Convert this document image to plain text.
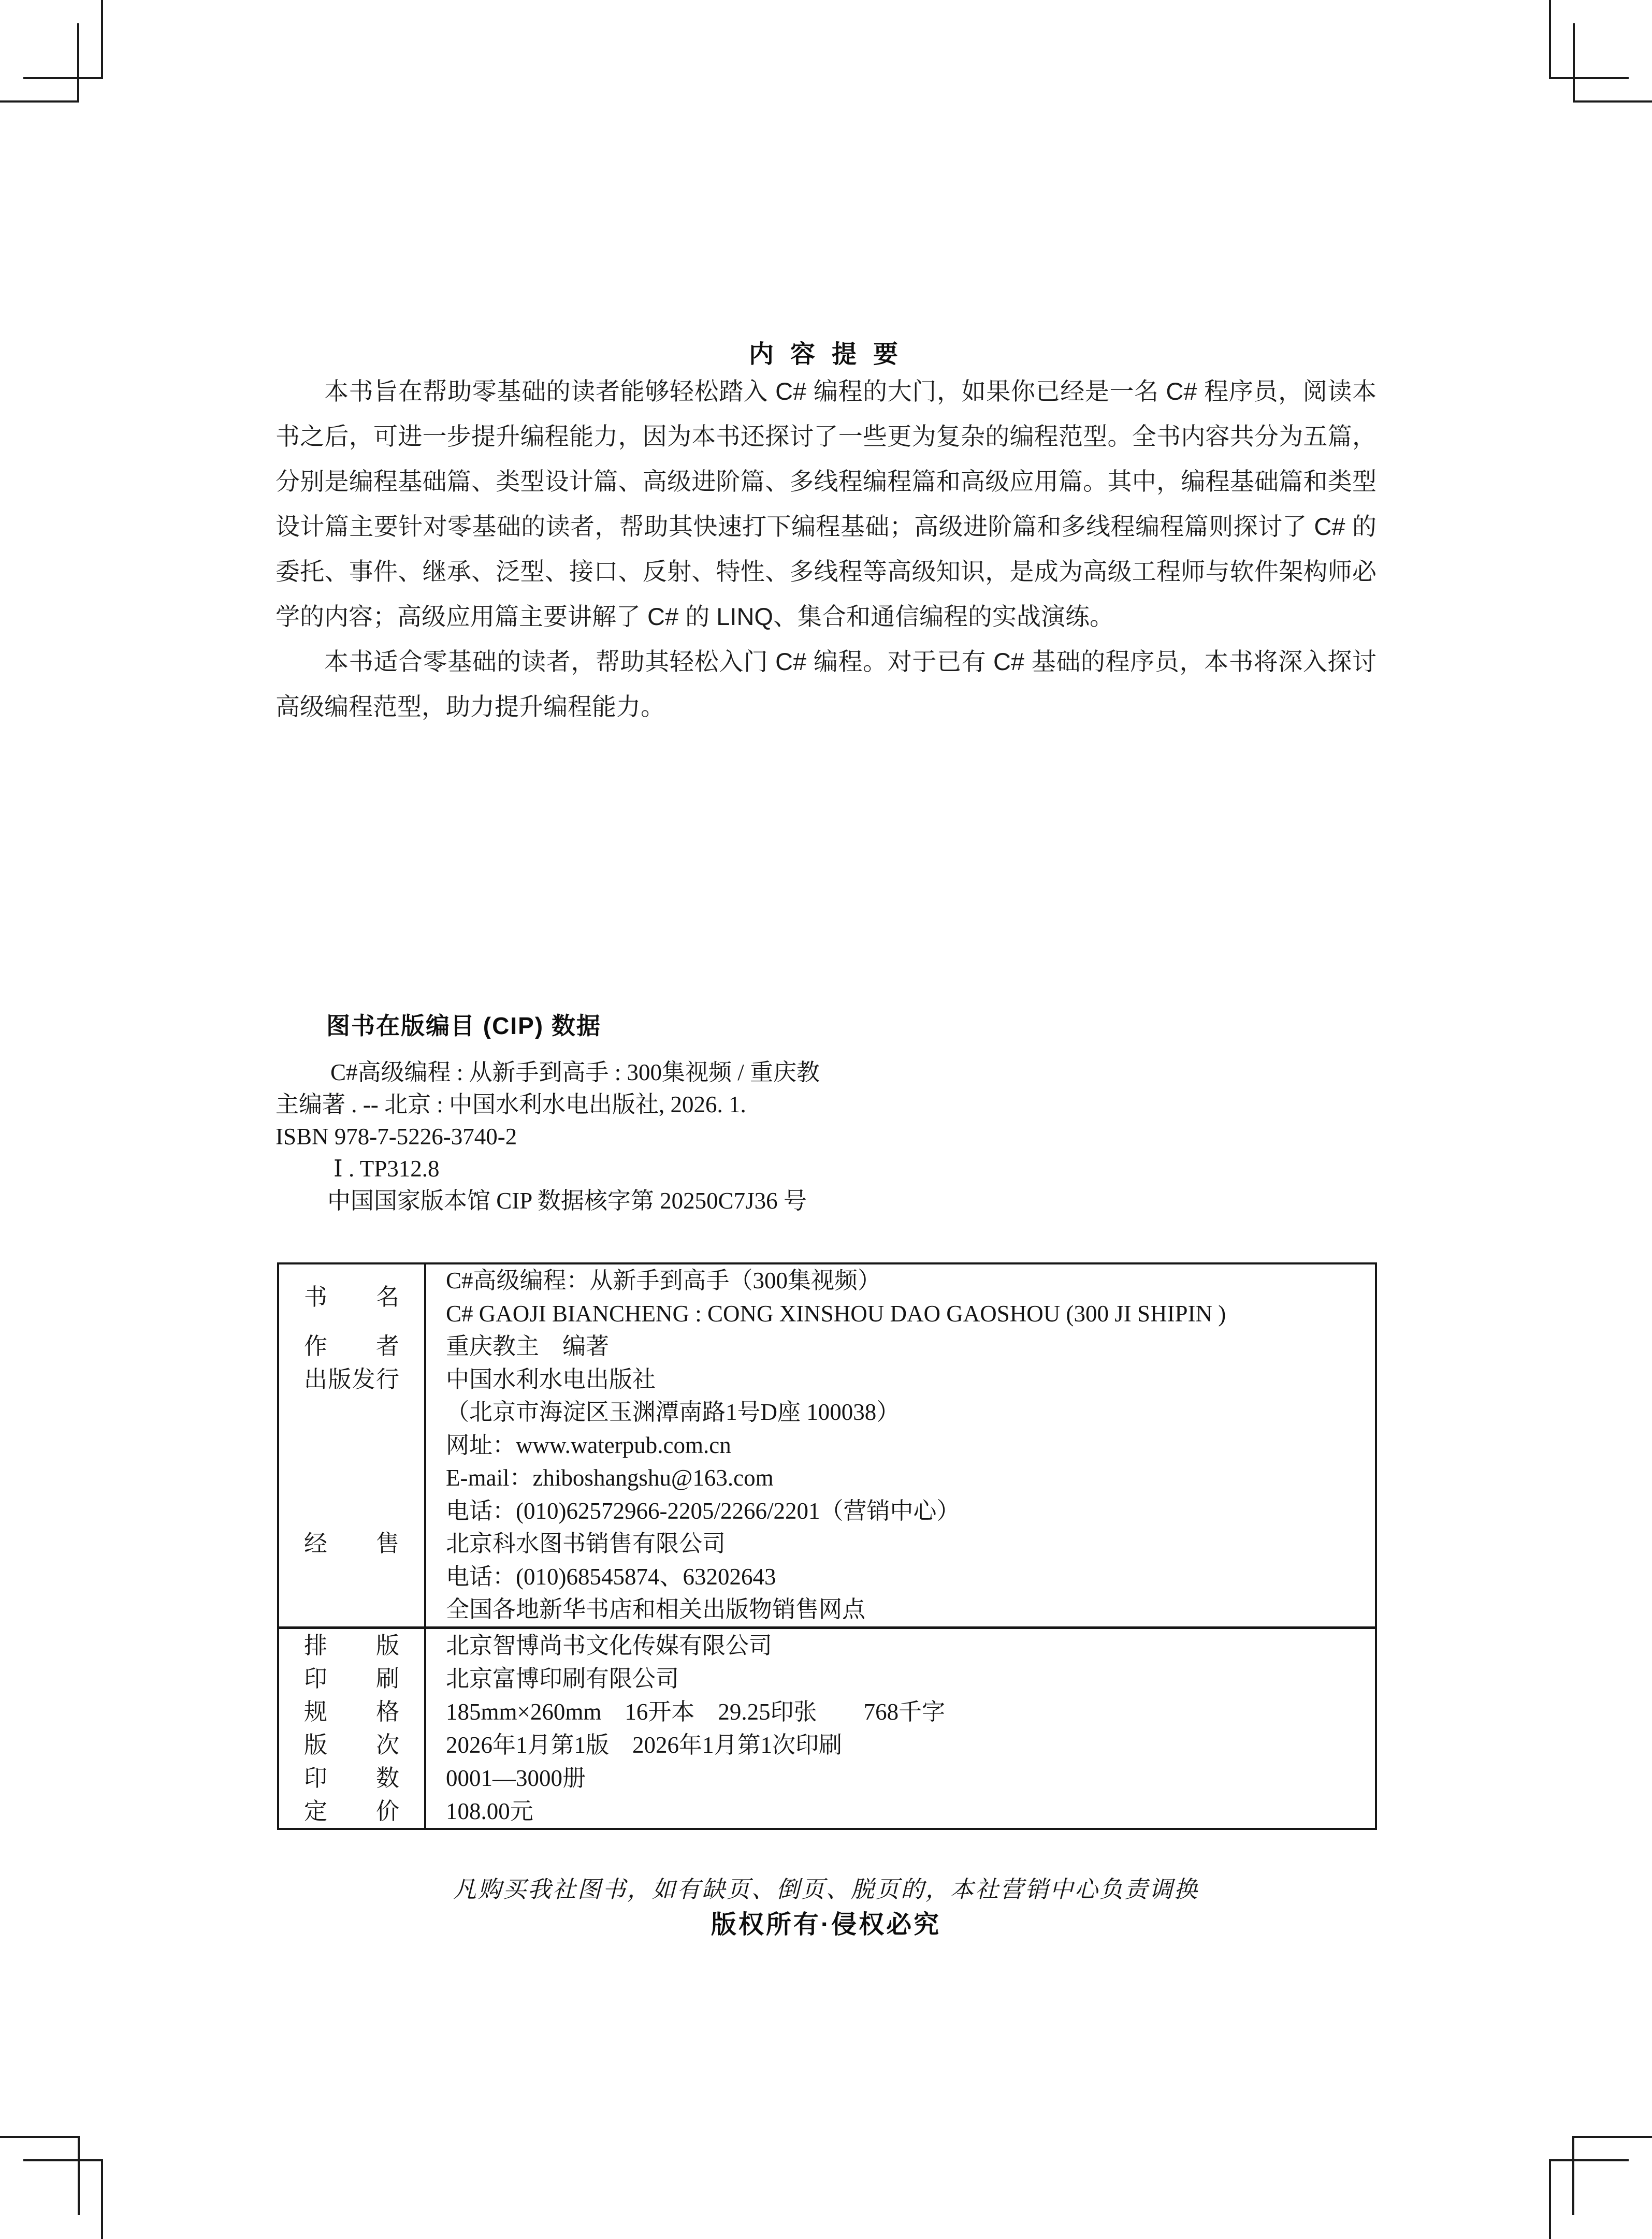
内 容 提 要

本书旨在帮助零基础的读者能够轻松踏入 C# 编程的大门，如果你已经是一名 C# 程序员，阅读本书之后，可进一步提升编程能力，因为本书还探讨了一些更为复杂的编程范型。全书内容共分为五篇，分别是编程基础篇、类型设计篇、高级进阶篇、多线程编程篇和高级应用篇。其中，编程基础篇和类型设计篇主要针对零基础的读者，帮助其快速打下编程基础；高级进阶篇和多线程编程篇则探讨了 C# 的委托、事件、继承、泛型、接口、反射、特性、多线程等高级知识，是成为高级工程师与软件架构师必学的内容；高级应用篇主要讲解了 C# 的 LINQ、集合和通信编程的实战演练。

本书适合零基础的读者，帮助其轻松入门 C# 编程。对于已有 C# 基础的程序员，本书将深入探讨高级编程范型，助力提升编程能力。

图书在版编目 (CIP) 数据
C#高级编程 : 从新手到高手 : 300集视频 / 重庆教
主编著 . -- 北京 : 中国水利水电出版社, 2026. 1.
ISBN 978-7-5226-3740-2
Ⅰ . TP312.8
中国国家版本馆 CIP 数据核字第 20250C7J36 号
书 名
C#高级编程：从新手到高手（300集视频）
C# GAOJI BIANCHENG : CONG XINSHOU DAO GAOSHOU (300 JI SHIPIN )
作 者 重庆教主　编著
出 版 发 行 中国水利水电出版社
（北京市海淀区玉渊潭南路1号D座 100038）
网址：www.waterpub.com.cn
E-mail：zhiboshangshu@163.com
电话：(010)62572966-2205/2266/2201（营销中心）
经 售 北京科水图书销售有限公司
电话：(010)68545874、63202643
全国各地新华书店和相关出版物销售网点
排 版 北京智博尚书文化传媒有限公司
印 刷 北京富博印刷有限公司
规 格 185mm×260mm　16开本　29.25印张　　768千字
版 次 2026年1月第1版　2026年1月第1次印刷
印 数 0001—3000册
定 价 108.00元
凡购买我社图书，如有缺页、倒页、脱页的，本社营销中心负责调换
版权所有·侵权必究
